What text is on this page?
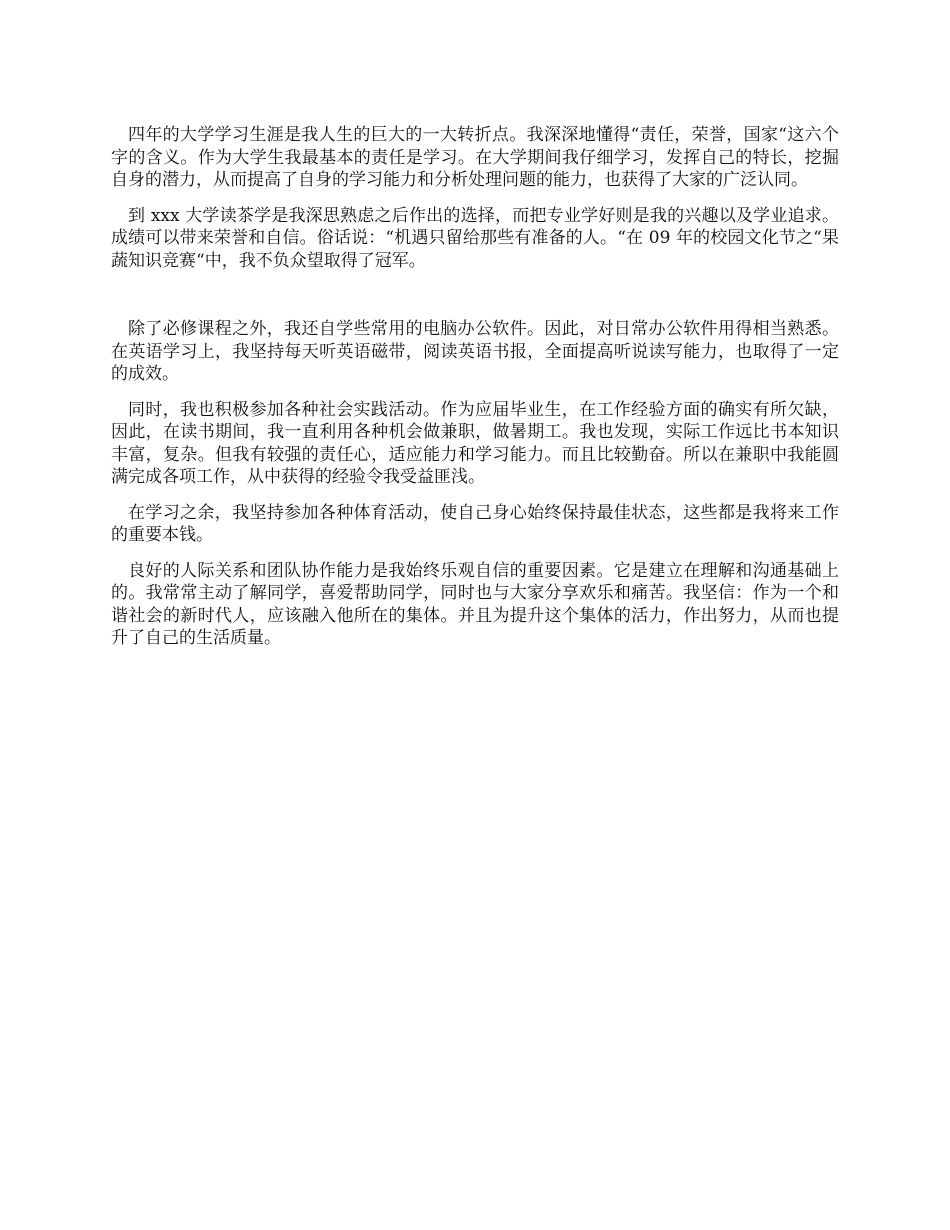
四年的大学学习生涯是我人生的巨大的一大转折点。我深深地懂得“责任，荣誉，国家“这六个字的含义。作为大学生我最基本的责任是学习。在大学期间我仔细学习，发挥自己的特长，挖掘自身的潜力，从而提高了自身的学习能力和分析处理问题的能力，也获得了大家的广泛认同。

到 xxx 大学读茶学是我深思熟虑之后作出的选择，而把专业学好则是我的兴趣以及学业追求。成绩可以带来荣誉和自信。俗话说：“机遇只留给那些有准备的人。“在 09 年的校园文化节之“果蔬知识竞赛“中，我不负众望取得了冠军。

除了必修课程之外，我还自学些常用的电脑办公软件。因此，对日常办公软件用得相当熟悉。在英语学习上，我坚持每天听英语磁带，阅读英语书报，全面提高听说读写能力，也取得了一定的成效。

同时，我也积极参加各种社会实践活动。作为应届毕业生，在工作经验方面的确实有所欠缺，因此，在读书期间，我一直利用各种机会做兼职，做暑期工。我也发现，实际工作远比书本知识丰富，复杂。但我有较强的责任心，适应能力和学习能力。而且比较勤奋。所以在兼职中我能圆满完成各项工作，从中获得的经验令我受益匪浅。

在学习之余，我坚持参加各种体育活动，使自己身心始终保持最佳状态，这些都是我将来工作的重要本钱。

良好的人际关系和团队协作能力是我始终乐观自信的重要因素。它是建立在理解和沟通基础上的。我常常主动了解同学，喜爱帮助同学，同时也与大家分享欢乐和痛苦。我坚信：作为一个和谐社会的新时代人，应该融入他所在的集体。并且为提升这个集体的活力，作出努力，从而也提升了自己的生活质量。
